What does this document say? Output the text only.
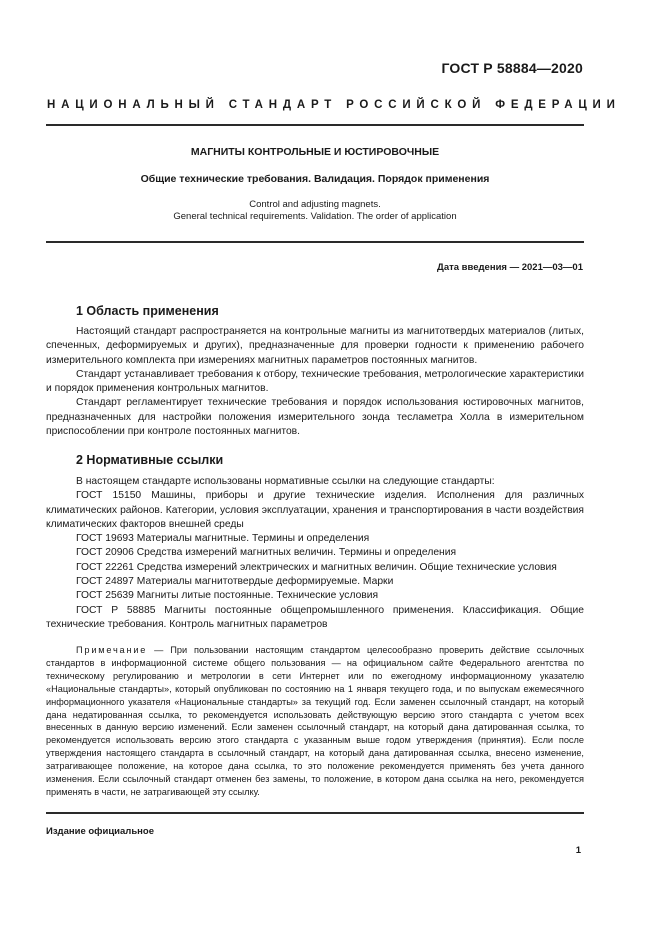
ГОСТ Р 58884—2020
НАЦИОНАЛЬНЫЙ СТАНДАРТ РОССИЙСКОЙ ФЕДЕРАЦИИ
МАГНИТЫ КОНТРОЛЬНЫЕ И ЮСТИРОВОЧНЫЕ
Общие технические требования. Валидация. Порядок применения
Control and adjusting magnets.
General technical requirements. Validation. The order of application
Дата введения — 2021—03—01
1 Область применения

Настоящий стандарт распространяется на контрольные магниты из магнитотвердых материалов (литых, спеченных, деформируемых и других), предназначенные для проверки годности к применению рабочего измерительного комплекта при измерениях магнитных параметров постоянных магнитов.

Стандарт устанавливает требования к отбору, технические требования, метрологические характеристики и порядок применения контрольных магнитов.

Стандарт регламентирует технические требования и порядок использования юстировочных магнитов, предназначенных для настройки положения измерительного зонда тесламетра Холла в измерительном приспособлении при контроле постоянных магнитов.

2 Нормативные ссылки

В настоящем стандарте использованы нормативные ссылки на следующие стандарты:

ГОСТ 15150 Машины, приборы и другие технические изделия. Исполнения для различных климатических районов. Категории, условия эксплуатации, хранения и транспортирования в части воздействия климатических факторов внешней среды

ГОСТ 19693 Материалы магнитные. Термины и определения

ГОСТ 20906 Средства измерений магнитных величин. Термины и определения

ГОСТ 22261 Средства измерений электрических и магнитных величин. Общие технические условия

ГОСТ 24897 Материалы магнитотвердые деформируемые. Марки

ГОСТ 25639 Магниты литые постоянные. Технические условия

ГОСТ Р 58885 Магниты постоянные общепромышленного применения. Классификация. Общие технические требования. Контроль магнитных параметров

Примечание — При пользовании настоящим стандартом целесообразно проверить действие ссылочных стандартов в информационной системе общего пользования — на официальном сайте Федерального агентства по техническому регулированию и метрологии в сети Интернет или по ежегодному информационному указателю «Национальные стандарты», который опубликован по состоянию на 1 января текущего года, и по выпускам ежемесячного информационного указателя «Национальные стандарты» за текущий год. Если заменен ссылочный стандарт, на который дана недатированная ссылка, то рекомендуется использовать действующую версию этого стандарта с учетом всех внесенных в данную версию изменений. Если заменен ссылочный стандарт, на который дана датированная ссылка, то рекомендуется использовать версию этого стандарта с указанным выше годом утверждения (принятия). Если после утверждения настоящего стандарта в ссылочный стандарт, на который дана датированная ссылка, внесено изменение, затрагивающее положение, на которое дана ссылка, то это положение рекомендуется применять без учета данного изменения. Если ссылочный стандарт отменен без замены, то положение, в котором дана ссылка на него, рекомендуется применять в части, не затрагивающей эту ссылку.

Издание официальное
1
